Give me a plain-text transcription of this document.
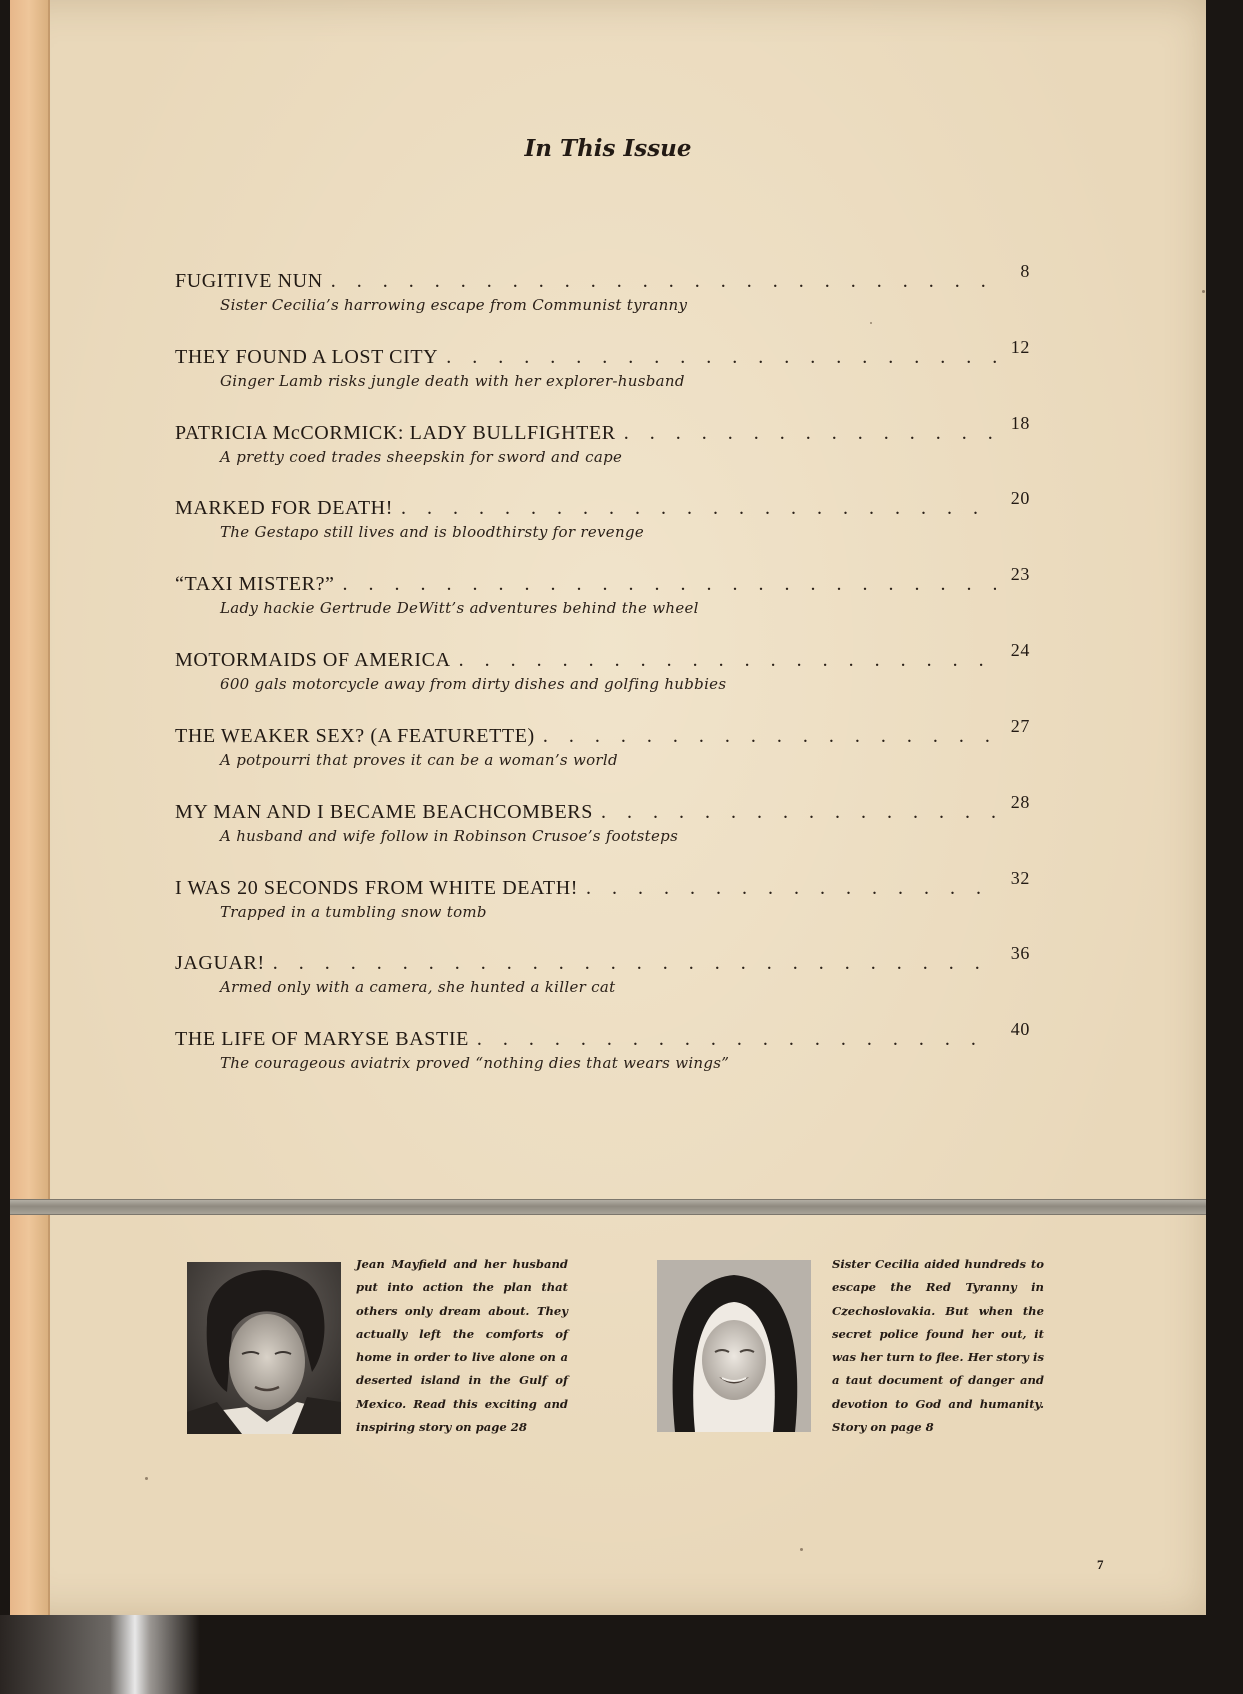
In This Issue
FUGITIVE NUN . . .	8
Sister Cecilia’s harrowing escape from Communist tyranny
THEY FOUND A LOST CITY . . .	12
Ginger Lamb risks jungle death with her explorer-husband
PATRICIA McCORMICK: LADY BULLFIGHTER . . .	18
A pretty coed trades sheepskin for sword and cape
MARKED FOR DEATH! . . .	20
The Gestapo still lives and is bloodthirsty for revenge
“TAXI MISTER?” . . .	23
Lady hackie Gertrude DeWitt’s adventures behind the wheel
MOTORMAIDS OF AMERICA . . .	24
600 gals motorcycle away from dirty dishes and golfing hubbies
THE WEAKER SEX? (A FEATURETTE) . . .	27
A potpourri that proves it can be a woman’s world
MY MAN AND I BECAME BEACHCOMBERS . . .	28
A husband and wife follow in Robinson Crusoe’s footsteps
I WAS 20 SECONDS FROM WHITE DEATH! . . .	32
Trapped in a tumbling snow tomb
JAGUAR! . . .	36
Armed only with a camera, she hunted a killer cat
THE LIFE OF MARYSE BASTIE . . .	40
The courageous aviatrix proved “nothing dies that wears wings”
Jean Mayfield and her husband put into action the plan that others only dream about. They actually left the comforts of home in order to live alone on a deserted island in the Gulf of Mexico. Read this exciting and inspiring story on page 28
Sister Cecilia aided hundreds to escape the Red Tyranny in Czechoslovakia. But when the secret police found her out, it was her turn to flee. Her story is a taut document of danger and devotion to God and humanity. Story on page 8
7
